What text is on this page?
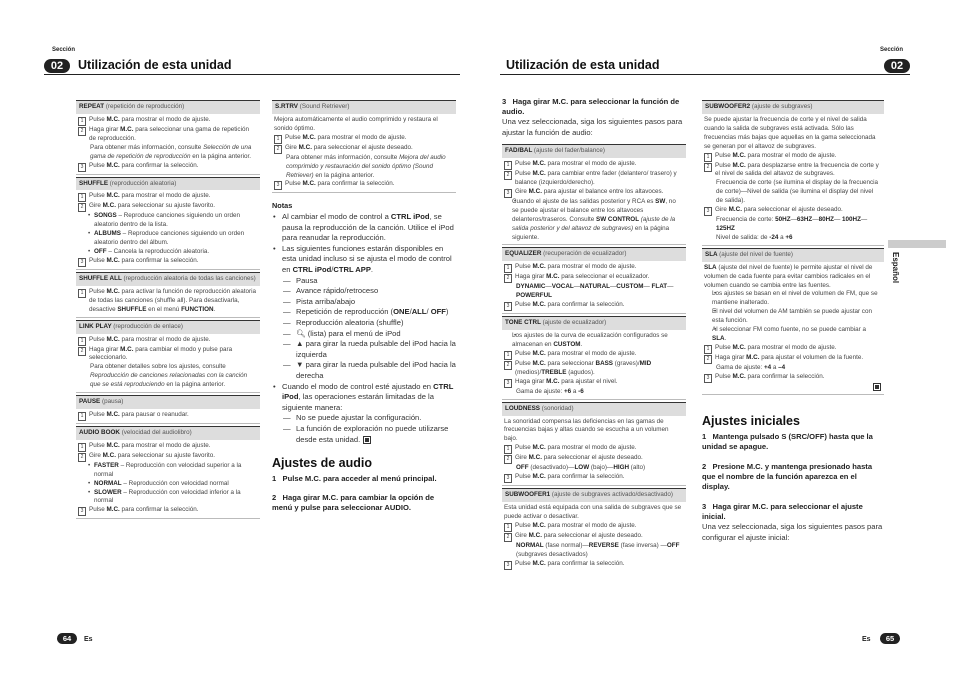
Sección
02	Utilización de esta unidad
Sección
02
Utilización de esta unidad
REPEAT (repetición de reproducción)
1 Pulse M.C. para mostrar el modo de ajuste.
2 Haga girar M.C. para seleccionar una gama de repetición de reproducción.
Para obtener más información, consulte Selección de una gama de repetición de reproducción en la página anterior.
3 Pulse M.C. para confirmar la selección.
SHUFFLE (reproducción aleatoria)
1 Pulse M.C. para mostrar el modo de ajuste.
2 Gire M.C. para seleccionar su ajuste favorito.
• SONGS – Reproduce canciones siguiendo un orden aleatorio dentro de la lista.
• ALBUMS – Reproduce canciones siguiendo un orden aleatorio dentro del álbum.
• OFF – Cancela la reproducción aleatoria.
3 Pulse M.C. para confirmar la selección.
SHUFFLE ALL (reproducción aleatoria de todas las canciones)
1 Pulse M.C. para activar la función de reproducción aleatoria de todas las canciones (shuffle all). Para desactivarla, desactive SHUFFLE en el menú FUNCTION.
LINK PLAY (reproducción de enlace)
1 Pulse M.C. para mostrar el modo de ajuste.
2 Haga girar M.C. para cambiar el modo y pulse para seleccionarlo.
Para obtener detalles sobre los ajustes, consulte Reproducción de canciones relacionadas con la canción que se está reproduciendo en la página anterior.
PAUSE (pausa)
1 Pulse M.C. para pausar o reanudar.
AUDIO BOOK (velocidad del audiolibro)
1 Pulse M.C. para mostrar el modo de ajuste.
2 Gire M.C. para seleccionar su ajuste favorito.
• FASTER – Reproducción con velocidad superior a la normal
• NORMAL – Reproducción con velocidad normal
• SLOWER – Reproducción con velocidad inferior a la normal
3 Pulse M.C. para confirmar la selección.
S.RTRV (Sound Retriever)
Mejora automáticamente el audio comprimido y restaura el sonido óptimo.
1 Pulse M.C. para mostrar el modo de ajuste.
2 Gire M.C. para seleccionar el ajuste deseado.
Para obtener más información, consulte Mejora del audio comprimido y restauración del sonido óptimo (Sound Retriever) en la página anterior.
3 Pulse M.C. para confirmar la selección.
Notas
• Al cambiar el modo de control a CTRL iPod, se pausa la reproducción de la canción. Utilice el iPod para reanudar la reproducción.
• Las siguientes funciones estarán disponibles en esta unidad incluso si se ajusta el modo de control en CTRL iPod/CTRL APP.
— Pausa
— Avance rápido/retroceso
— Pista arriba/abajo
— Repetición de reproducción (ONE/ALL/ OFF)
— Reproducción aleatoria (shuffle)
— 🔍︎ (lista) para el menú de iPod
— ▲ para girar la rueda pulsable del iPod hacia la izquierda
— ▼ para girar la rueda pulsable del iPod hacia la derecha
• Cuando el modo de control esté ajustado en CTRL iPod, las operaciones estarán limitadas de la siguiente manera:
— No se puede ajustar la configuración.
— La función de exploración no puede utilizarse desde esta unidad.
Ajustes de audio
1   Pulse M.C. para acceder al menú principal.
2   Haga girar M.C. para cambiar la opción de menú y pulse para seleccionar AUDIO.
3   Haga girar M.C. para seleccionar la función de audio.
Una vez seleccionada, siga los siguientes pasos para ajustar la función de audio:
FAD/BAL (ajuste del fader/balance)
1 Pulse M.C. para mostrar el modo de ajuste.
2 Pulse M.C. para cambiar entre fader (delantero/ trasero) y balance (izquierdo/derecho).
3 Gire M.C. para ajustar el balance entre los altavoces.
• Cuando el ajuste de las salidas posterior y RCA es SW, no se puede ajustar el balance entre los altavoces delanteros/traseros. Consulte SW CONTROL (ajuste de la salida posterior y del altavoz de subgraves) en la página siguiente.
EQUALIZER (recuperación de ecualizador)
1 Pulse M.C. para mostrar el modo de ajuste.
2 Haga girar M.C. para seleccionar el ecualizador.
DYNAMIC—VOCAL—NATURAL—CUSTOM— FLAT—POWERFUL
3 Pulse M.C. para confirmar la selección.
TONE CTRL (ajuste de ecualizador)
• Los ajustes de la curva de ecualización configurados se almacenan en CUSTOM.
1 Pulse M.C. para mostrar el modo de ajuste.
2 Pulse M.C. para seleccionar BASS (graves)/MID (medios)/TREBLE (agudos).
3 Haga girar M.C. para ajustar el nivel.
Gama de ajuste: +6 a -6
LOUDNESS (sonoridad)
La sonoridad compensa las deficiencias en las gamas de frecuencias bajas y altas cuando se escucha a un volumen bajo.
1 Pulse M.C. para mostrar el modo de ajuste.
2 Gire M.C. para seleccionar el ajuste deseado.
OFF (desactivado)—LOW (bajo)—HIGH (alto)
3 Pulse M.C. para confirmar la selección.
SUBWOOFER1 (ajuste de subgraves activado/desactivado)
Esta unidad está equipada con una salida de subgraves que se puede activar o desactivar.
1 Pulse M.C. para mostrar el modo de ajuste.
2 Gire M.C. para seleccionar el ajuste deseado.
NORMAL (fase normal)—REVERSE (fase inversa) —OFF (subgraves desactivados)
3 Pulse M.C. para confirmar la selección.
SUBWOOFER2 (ajuste de subgraves)
Se puede ajustar la frecuencia de corte y el nivel de salida cuando la salida de subgraves está activada. Sólo las frecuencias más bajas que aquellas en la gama seleccionada se generan por el altavoz de subgraves.
1 Pulse M.C. para mostrar el modo de ajuste.
2 Pulse M.C. para desplazarse entre la frecuencia de corte y el nivel de salida del altavoz de subgraves.
Frecuencia de corte (se ilumina el display de la frecuencia de corte)—Nivel de salida (se ilumina el display del nivel de salida).
3 Gire M.C. para seleccionar el ajuste deseado.
Frecuencia de corte: 50HZ—63HZ—80HZ— 100HZ—125HZ
Nivel de salida: de -24 a +6
SLA (ajuste del nivel de fuente)
SLA (ajuste del nivel de fuente) le permite ajustar el nivel de volumen de cada fuente para evitar cambios radicales en el volumen cuando se cambia entre las fuentes.
• Los ajustes se basan en el nivel de volumen de FM, que se mantiene inalterado.
• El nivel del volumen de AM también se puede ajustar con esta función.
• Al seleccionar FM como fuente, no se puede cambiar a SLA.
1 Pulse M.C. para mostrar el modo de ajuste.
2 Haga girar M.C. para ajustar el volumen de la fuente.
Gama de ajuste: +4 a –4
3 Pulse M.C. para confirmar la selección.
Ajustes iniciales
1   Mantenga pulsado S (SRC/OFF) hasta que la unidad se apague.
2   Presione M.C. y mantenga presionado hasta que el nombre de la función aparezca en el display.
3   Haga girar M.C. para seleccionar el ajuste inicial.
Una vez seleccionada, siga los siguientes pasos para configurar el ajuste inicial:
Español
64	Es	65
Es
